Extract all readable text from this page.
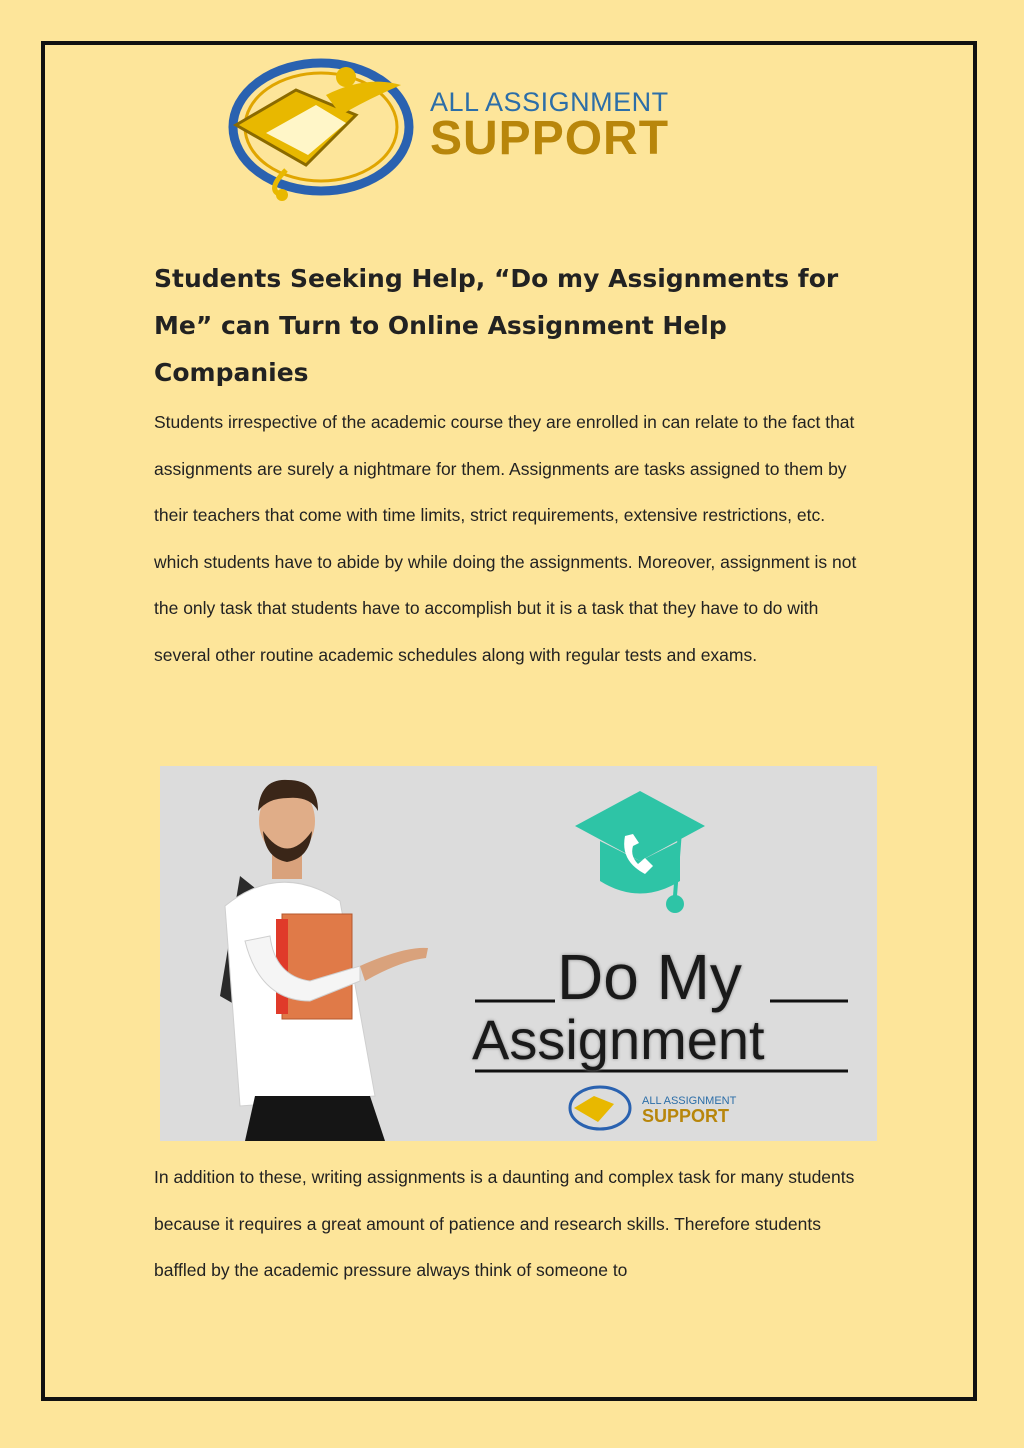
ALL ASSIGNMENT
SUPPORT
Students Seeking Help, “Do my Assignments for Me” can Turn to Online Assignment Help Companies

Students irrespective of the academic course they are enrolled in can relate to the fact that assignments are surely a nightmare for them. Assignments are tasks assigned to them by their teachers that come with time limits, strict requirements, extensive restrictions, etc. which students have to abide by while doing the assignments. Moreover, assignment is not the only task that students have to accomplish but it is a task that they have to do with several other routine academic schedules along with regular tests and exams.

Do My
Assignment
ALL ASSIGNMENT
SUPPORT

In addition to these, writing assignments is a daunting and complex task for many students because it requires a great amount of patience and research skills. Therefore students baffled by the academic pressure always think of someone to
